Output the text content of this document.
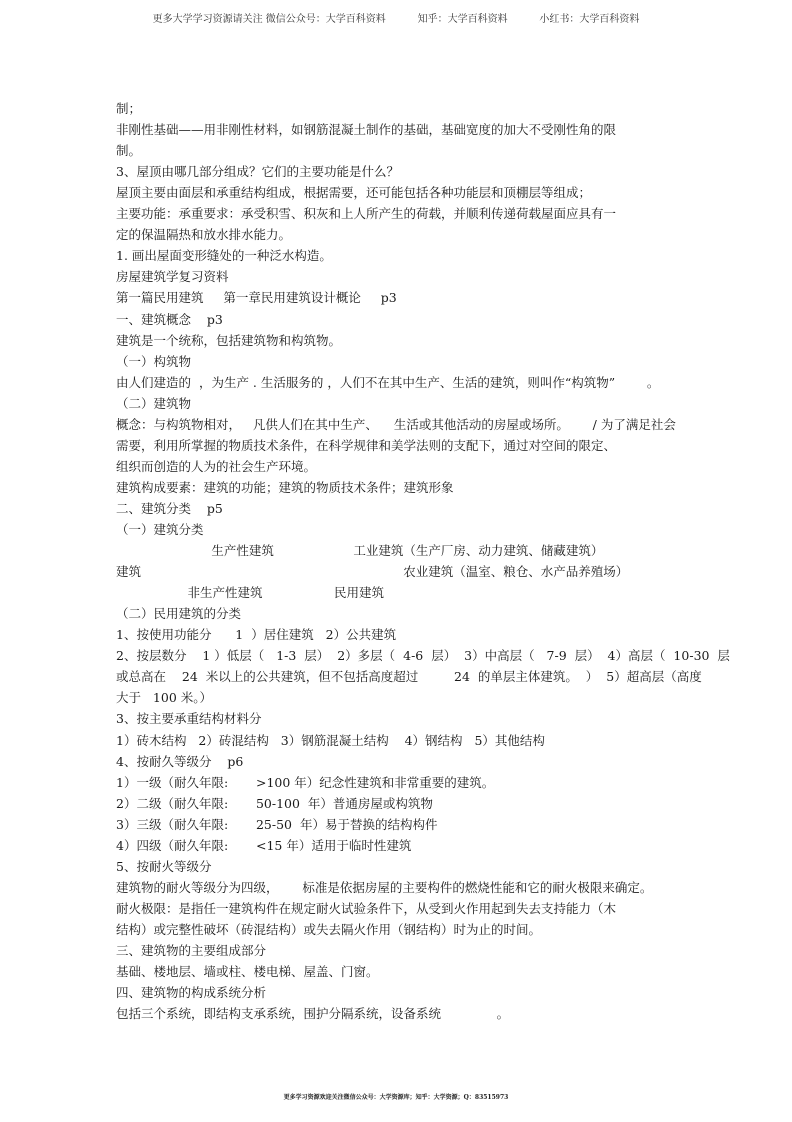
更多大学学习资源请关注 微信公众号：大学百科资料          知乎：大学百科资料          小红书：大学百科资料
制；
非刚性基础——用非刚性材料，如钢筋混凝土制作的基础，基础宽度的加大不受刚性角的限
制。
3、屋顶由哪几部分组成？它们的主要功能是什么？
屋顶主要由面层和承重结构组成，根据需要，还可能包括各种功能层和顶棚层等组成；
主要功能：承重要求：承受积雪、积灰和上人所产生的荷载，并顺利传递荷载屋面应具有一
定的保温隔热和放水排水能力。
1. 画出屋面变形缝处的一种泛水构造。
房屋建筑学复习资料
第一篇民用建筑     第一章民用建筑设计概论     p3
一、建筑概念    p3
建筑是一个统称，包括建筑物和构筑物。
（一）构筑物
由人们建造的  ，为生产 . 生活服务的 ，人们不在其中生产、生活的建筑，则叫作“构筑物”        。
（二）建筑物
概念：与构筑物相对，   凡供人们在其中生产、    生活或其他活动的房屋或场所。      / 为了满足社会
需要，利用所掌握的物质技术条件，在科学规律和美学法则的支配下，通过对空间的限定、
组织而创造的人为的社会生产环境。
建筑构成要素：建筑的功能；建筑的物质技术条件；建筑形象
二、建筑分类    p5
（一）建筑分类
生产性建筑                    工业建筑（生产厂房、动力建筑、储藏建筑）
建筑                                                                  农业建筑（温室、粮仓、水产品养殖场）
非生产性建筑                  民用建筑
（二）民用建筑的分类
1、按使用功能分      1  ）居住建筑   2）公共建筑
2、按层数分    1 ）低层（   1-3  层）  2）多层（  4-6  层）  3）中高层（   7-9  层）  4）高层（  10-30  层
或总高在    24  米以上的公共建筑，但不包括高度超过         24  的单层主体建筑。  ）  5）超高层（高度
大于   100 米。）
3、按主要承重结构材料分
1）砖木结构   2）砖混结构   3）钢筋混凝土结构    4）钢结构   5）其他结构
4、按耐久等级分    p6
1）一级（耐久年限:       >100 年）纪念性建筑和非常重要的建筑。
2）二级（耐久年限:       50-100  年）普通房屋或构筑物
3）三级（耐久年限:       25-50  年）易于替换的结构构件
4）四级（耐久年限:       <15 年）适用于临时性建筑
5、按耐火等级分
建筑物的耐火等级分为四级，      标准是依据房屋的主要构件的燃烧性能和它的耐火极限来确定。
耐火极限：是指任一建筑构件在规定耐火试验条件下，从受到火作用起到失去支持能力（木
结构）或完整性破坏（砖混结构）或失去隔火作用（钢结构）时为止的时间。
三、建筑物的主要组成部分
基础、楼地层、墙或柱、楼电梯、屋盖、门窗。
四、建筑物的构成系统分析
包括三个系统，即结构支承系统，围护分隔系统，设备系统              。
更多学习资源欢迎关注微信公众号：大学资源库；知乎：大学资源；Q：83515973
